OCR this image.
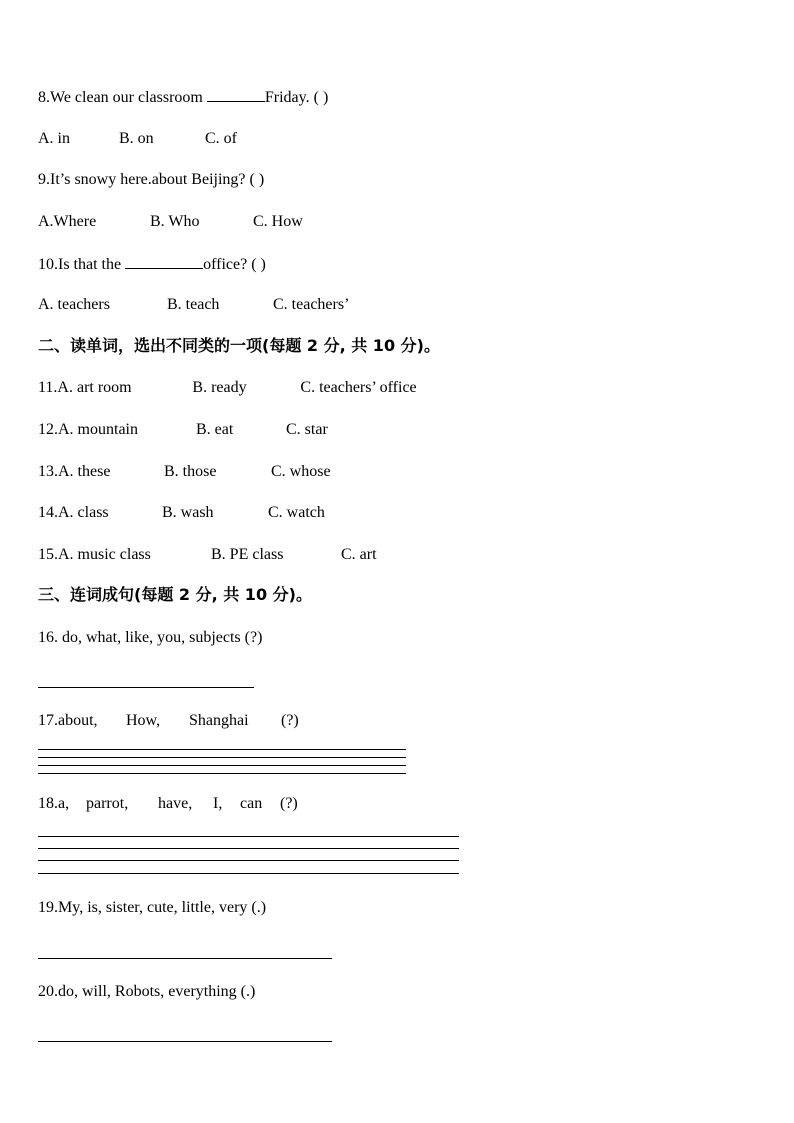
8.We clean our classroom	Friday. ( )
A. in	B. on	C. of
9.It’s snowy here.about Beijing? ( )
A.Where	B. Who	C. How
10.Is that the	office? ( )
A. teachers	B. teach	C. teachers’
二、读单词，选出不同类的一项(每题 2 分, 共 10 分)。
11.A. art room	B. ready	C. teachers’ office
12.A. mountain	B. eat	C. star
13.A. these	B. those	C. whose
14.A. class	B. wash	C. watch
15.A. music class	B. PE class	C. art
三、连词成句(每题 2 分, 共 10 分)。
16. do, what, like, you, subjects (?)
17.about, How, Shanghai (?)
18.a, parrot, have, I, can (?)
19.My, is, sister, cute, little, very (.)
20.do, will, Robots, everything (.)
